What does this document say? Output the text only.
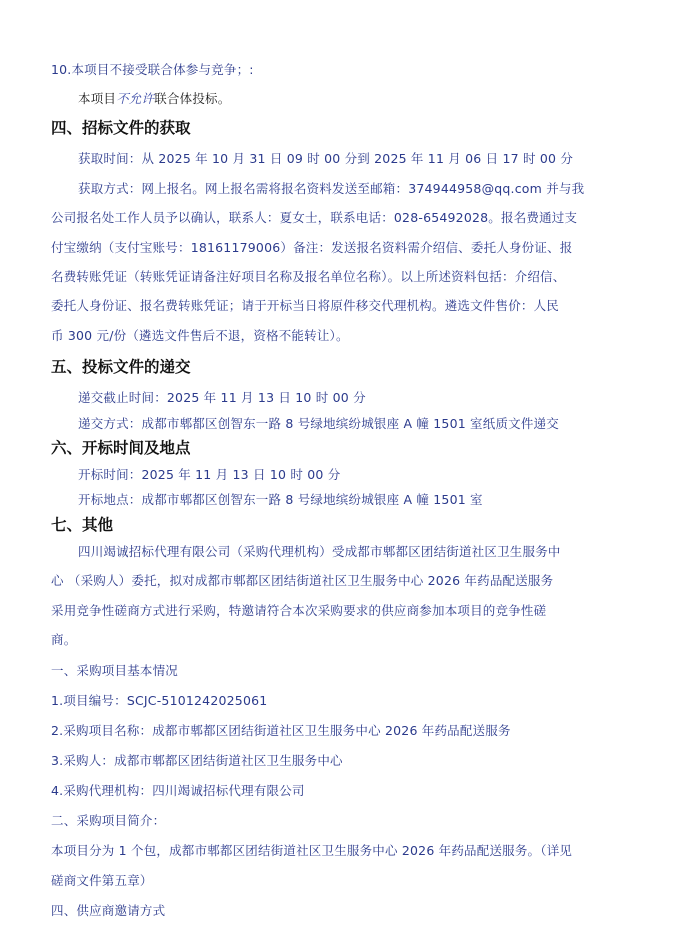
10.本项目不接受联合体参与竞争；:
本项目不允许联合体投标。
四、招标文件的获取
获取时间：从 2025 年 10 月 31 日 09 时 00 分到 2025 年 11 月 06 日 17 时 00 分
获取方式：网上报名。网上报名需将报名资料发送至邮箱：374944958@qq.com 并与我
公司报名处工作人员予以确认，联系人：夏女士，联系电话：028-65492028。报名费通过支
付宝缴纳（支付宝账号：18161179006）备注：发送报名资料需介绍信、委托人身份证、报
名费转账凭证（转账凭证请备注好项目名称及报名单位名称）。以上所述资料包括：介绍信、
委托人身份证、报名费转账凭证；请于开标当日将原件移交代理机构。遴选文件售价：人民
币 300 元/份（遴选文件售后不退，资格不能转让）。
五、投标文件的递交
递交截止时间：2025 年 11 月 13 日 10 时 00 分
递交方式：成都市郫都区创智东一路 8 号绿地缤纷城银座 A 幢 1501 室纸质文件递交
六、开标时间及地点
开标时间：2025 年 11 月 13 日 10 时 00 分
开标地点：成都市郫都区创智东一路 8 号绿地缤纷城银座 A 幢 1501 室
七、其他
四川竭诚招标代理有限公司（采购代理机构）受成都市郫都区团结街道社区卫生服务中
心 （采购人）委托，拟对成都市郫都区团结街道社区卫生服务中心 2026 年药品配送服务
采用竞争性磋商方式进行采购，特邀请符合本次采购要求的供应商参加本项目的竞争性磋
商。
一、采购项目基本情况
1.项目编号：SCJC-5101242025061
2.采购项目名称：成都市郫都区团结街道社区卫生服务中心 2026 年药品配送服务
3.采购人：成都市郫都区团结街道社区卫生服务中心
4.采购代理机构：四川竭诚招标代理有限公司
二、采购项目简介：
本项目分为 1 个包，成都市郫都区团结街道社区卫生服务中心 2026 年药品配送服务。（详见
磋商文件第五章）
四、供应商邀请方式
